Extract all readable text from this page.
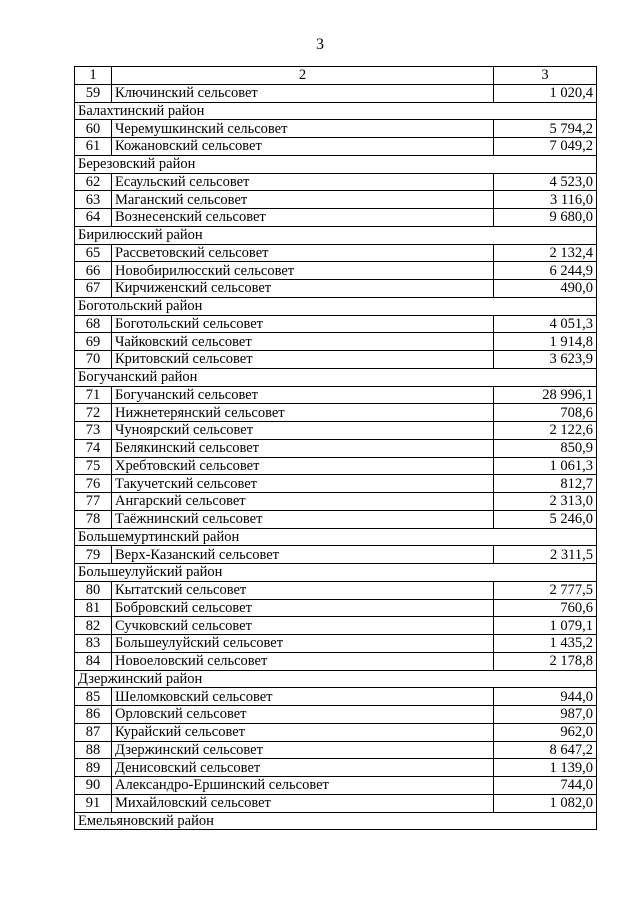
3
1	2	3
59	Ключинский сельсовет	1 020,4
Балахтинский район		
60	Черемушкинский сельсовет	5 794,2
61	Кожановский сельсовет	7 049,2
Березовский район		
62	Есаульский сельсовет	4 523,0
63	Маганский сельсовет	3 116,0
64	Вознесенский сельсовет	9 680,0
Бирилюсский район		
65	Рассветовский сельсовет	2 132,4
66	Новобирилюсский сельсовет	6 244,9
67	Кирчиженский сельсовет	490,0
Боготольский район		
68	Боготольский сельсовет	4 051,3
69	Чайковский сельсовет	1 914,8
70	Критовский сельсовет	3 623,9
Богучанский район		
71	Богучанский сельсовет	28 996,1
72	Нижнетерянский сельсовет	708,6
73	Чуноярский сельсовет	2 122,6
74	Белякинский сельсовет	850,9
75	Хребтовский сельсовет	1 061,3
76	Такучетский сельсовет	812,7
77	Ангарский сельсовет	2 313,0
78	Таёжнинский сельсовет	5 246,0
Большемуртинский район		
79	Верх-Казанский сельсовет	2 311,5
Большеулуйский район		
80	Кытатский сельсовет	2 777,5
81	Бобровский сельсовет	760,6
82	Сучковский сельсовет	1 079,1
83	Большеулуйский сельсовет	1 435,2
84	Новоеловский сельсовет	2 178,8
Дзержинский район		
85	Шеломковский сельсовет	944,0
86	Орловский сельсовет	987,0
87	Курайский сельсовет	962,0
88	Дзержинский сельсовет	8 647,2
89	Денисовский сельсовет	1 139,0
90	Александро-Ершинский сельсовет	744,0
91	Михайловский сельсовет	1 082,0
Емельяновский район		
